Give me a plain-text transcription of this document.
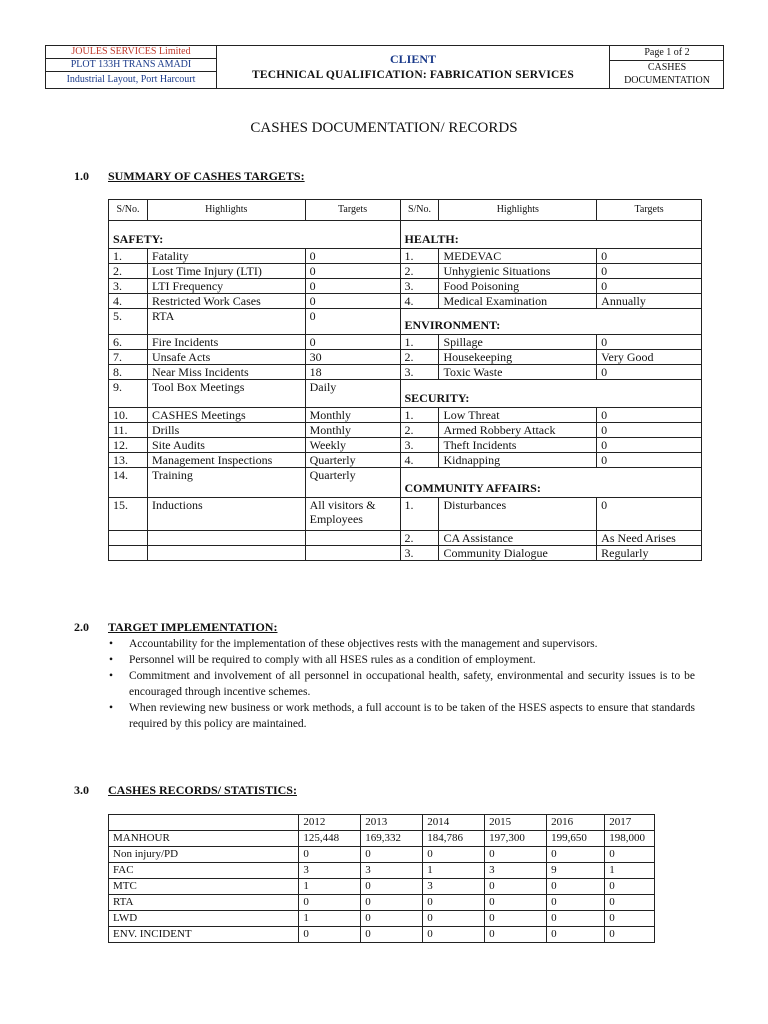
JOULES SERVICES Limited
PLOT 133H TRANS AMADI
Industrial Layout, Port Harcourt
CLIENT
TECHNICAL QUALIFICATION: FABRICATION SERVICES
Page 1 of 2
CASHES
DOCUMENTATION
CASHES DOCUMENTATION/ RECORDS
1.0 SUMMARY OF CASHES TARGETS:
S/No.	Highlights	Targets	S/No.	Highlights	Targets
SAFETY:			HEALTH:		
1.	Fatality	0	1.	MEDEVAC	0
2.	Lost Time Injury (LTI)	0	2.	Unhygienic Situations	0
3.	LTI Frequency	0	3.	Food Poisoning	0
4.	Restricted Work Cases	0	4.	Medical Examination	Annually
5.	RTA	0	ENVIRONMENT:		
6.	Fire Incidents	0	1.	Spillage	0
7.	Unsafe Acts	30	2.	Housekeeping	Very Good
8.	Near Miss Incidents	18	3.	Toxic Waste	0
9.	Tool Box Meetings	Daily	SECURITY:		
10.	CASHES Meetings	Monthly	1.	Low Threat	0
11.	Drills	Monthly	2.	Armed Robbery Attack	0
12.	Site Audits	Weekly	3.	Theft Incidents	0
13.	Management Inspections	Quarterly	4.	Kidnapping	0
14.	Training	Quarterly	COMMUNITY AFFAIRS:		
15.	Inductions	All visitors & Employees	1.	Disturbances	0
			2.	CA Assistance	As Need Arises
			3.	Community Dialogue	Regularly
2.0 TARGET IMPLEMENTATION:
• Accountability for the implementation of these objectives rests with the management and supervisors.
• Personnel will be required to comply with all HSES rules as a condition of employment.
• Commitment and involvement of all personnel in occupational health, safety, environmental and security issues is to be encouraged through incentive schemes.
• When reviewing new business or work methods, a full account is to be taken of the HSES aspects to ensure that standards required by this policy are maintained.
3.0 CASHES RECORDS/ STATISTICS:
	2012	2013	2014	2015	2016	2017
MANHOUR	125,448	169,332	184,786	197,300	199,650	198,000
Non injury/PD	0	0	0	0	0	0
FAC	3	3	1	3	9	1
MTC	1	0	3	0	0	0
RTA	0	0	0	0	0	0
LWD	1	0	0	0	0	0
ENV. INCIDENT	0	0	0	0	0	0
